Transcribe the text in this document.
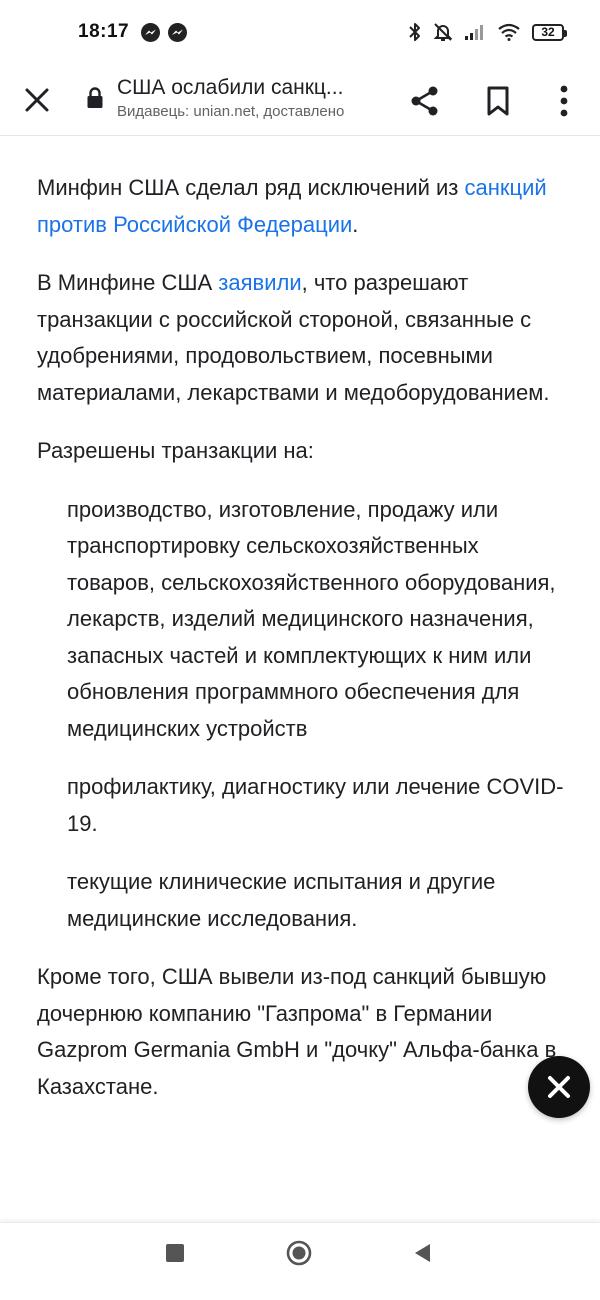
18:17	32
США ослабили санкц...
Видавець: unian.net, доставлено

Минфин США сделал ряд исключений из санкций против Российской Федерации.

В Минфине США заявили, что разрешают транзакции с российской стороной, связанные с удобрениями, продовольствием, посевными материалами, лекарствами и медоборудованием.

Разрешены транзакции на:

производство, изготовление, продажу или транспортировку сельскохозяйственных товаров, сельскохозяйственного оборудования, лекарств, изделий медицинского назначения, запасных частей и комплектующих к ним или обновления программного обеспечения для медицинских устройств
профилактику, диагностику или лечение COVID-19.
текущие клинические испытания и другие медицинские исследования.

Кроме того, США вывели из-под санкций бывшую дочернюю компанию "Газпрома" в Германии Gazprom Germania GmbH и "дочку" Альфа-банка в Казахстане.
